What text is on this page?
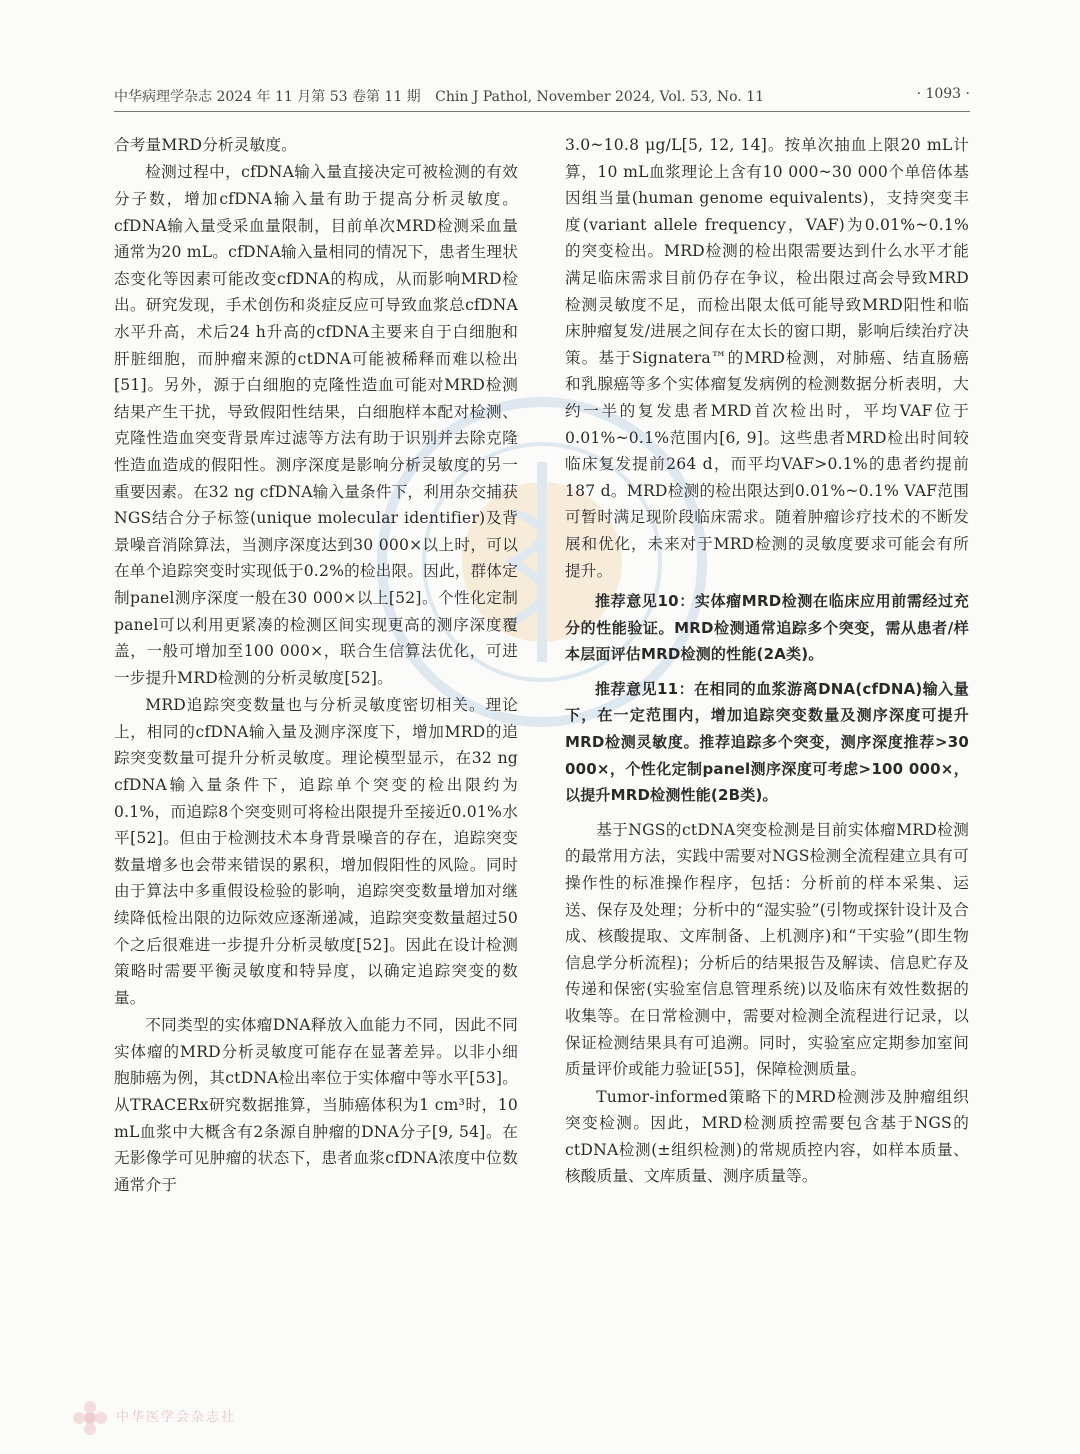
中华病理学杂志 2024 年 11 月第 53 卷第 11 期 Chin J Pathol, November 2024, Vol. 53, No. 11	· 1093 ·

合考量MRD分析灵敏度。

检测过程中，cfDNA输入量直接决定可被检测的有效分子数，增加cfDNA输入量有助于提高分析灵敏度。cfDNA输入量受采血量限制，目前单次MRD检测采血量通常为20 mL。cfDNA输入量相同的情况下，患者生理状态变化等因素可能改变cfDNA的构成，从而影响MRD检出。研究发现，手术创伤和炎症反应可导致血浆总cfDNA水平升高，术后24 h升高的cfDNA主要来自于白细胞和肝脏细胞，而肿瘤来源的ctDNA可能被稀释而难以检出[51]。另外，源于白细胞的克隆性造血可能对MRD检测结果产生干扰，导致假阳性结果，白细胞样本配对检测、克隆性造血突变背景库过滤等方法有助于识别并去除克隆性造血造成的假阳性。测序深度是影响分析灵敏度的另一重要因素。在32 ng cfDNA输入量条件下，利用杂交捕获NGS结合分子标签(unique molecular identifier)及背景噪音消除算法，当测序深度达到30 000×以上时，可以在单个追踪突变时实现低于0.2%的检出限。因此，群体定制panel测序深度一般在30 000×以上[52]。个性化定制panel可以利用更紧凑的检测区间实现更高的测序深度覆盖，一般可增加至100 000×，联合生信算法优化，可进一步提升MRD检测的分析灵敏度[52]。

MRD追踪突变数量也与分析灵敏度密切相关。理论上，相同的cfDNA输入量及测序深度下，增加MRD的追踪突变数量可提升分析灵敏度。理论模型显示，在32 ng cfDNA输入量条件下，追踪单个突变的检出限约为0.1%，而追踪8个突变则可将检出限提升至接近0.01%水平[52]。但由于检测技术本身背景噪音的存在，追踪突变数量增多也会带来错误的累积，增加假阳性的风险。同时由于算法中多重假设检验的影响，追踪突变数量增加对继续降低检出限的边际效应逐渐递减，追踪突变数量超过50个之后很难进一步提升分析灵敏度[52]。因此在设计检测策略时需要平衡灵敏度和特异度，以确定追踪突变的数量。

不同类型的实体瘤DNA释放入血能力不同，因此不同实体瘤的MRD分析灵敏度可能存在显著差异。以非小细胞肺癌为例，其ctDNA检出率位于实体瘤中等水平[53]。从TRACERx研究数据推算，当肺癌体积为1 cm³时，10 mL血浆中大概含有2条源自肿瘤的DNA分子[9, 54]。在无影像学可见肿瘤的状态下，患者血浆cfDNA浓度中位数通常介于

3.0~10.8 μg/L[5, 12, 14]。按单次抽血上限20 mL计算，10 mL血浆理论上含有10 000~30 000个单倍体基因组当量(human genome equivalents)，支持突变丰度(variant allele frequency，VAF)为0.01%~0.1%的突变检出。MRD检测的检出限需要达到什么水平才能满足临床需求目前仍存在争议，检出限过高会导致MRD检测灵敏度不足，而检出限太低可能导致MRD阳性和临床肿瘤复发/进展之间存在太长的窗口期，影响后续治疗决策。基于Signatera™的MRD检测，对肺癌、结直肠癌和乳腺癌等多个实体瘤复发病例的检测数据分析表明，大约一半的复发患者MRD首次检出时，平均VAF位于0.01%~0.1%范围内[6, 9]。这些患者MRD检出时间较临床复发提前264 d，而平均VAF>0.1%的患者约提前187 d。MRD检测的检出限达到0.01%~0.1% VAF范围可暂时满足现阶段临床需求。随着肿瘤诊疗技术的不断发展和优化，未来对于MRD检测的灵敏度要求可能会有所提升。

推荐意见10：实体瘤MRD检测在临床应用前需经过充分的性能验证。MRD检测通常追踪多个突变，需从患者/样本层面评估MRD检测的性能(2A类)。

推荐意见11：在相同的血浆游离DNA(cfDNA)输入量下，在一定范围内，增加追踪突变数量及测序深度可提升MRD检测灵敏度。推荐追踪多个突变，测序深度推荐>30 000×，个性化定制panel测序深度可考虑>100 000×，以提升MRD检测性能(2B类)。

基于NGS的ctDNA突变检测是目前实体瘤MRD检测的最常用方法，实践中需要对NGS检测全流程建立具有可操作性的标准操作程序，包括：分析前的样本采集、运送、保存及处理；分析中的“湿实验”(引物或探针设计及合成、核酸提取、文库制备、上机测序)和“干实验”(即生物信息学分析流程)；分析后的结果报告及解读、信息贮存及传递和保密(实验室信息管理系统)以及临床有效性数据的收集等。在日常检测中，需要对检测全流程进行记录，以保证检测结果具有可追溯。同时，实验室应定期参加室间质量评价或能力验证[55]，保障检测质量。

Tumor-informed策略下的MRD检测涉及肿瘤组织突变检测。因此，MRD检测质控需要包含基于NGS的ctDNA检测(±组织检测)的常规质控内容，如样本质量、核酸质量、文库质量、测序质量等。

中华医学会杂志社
